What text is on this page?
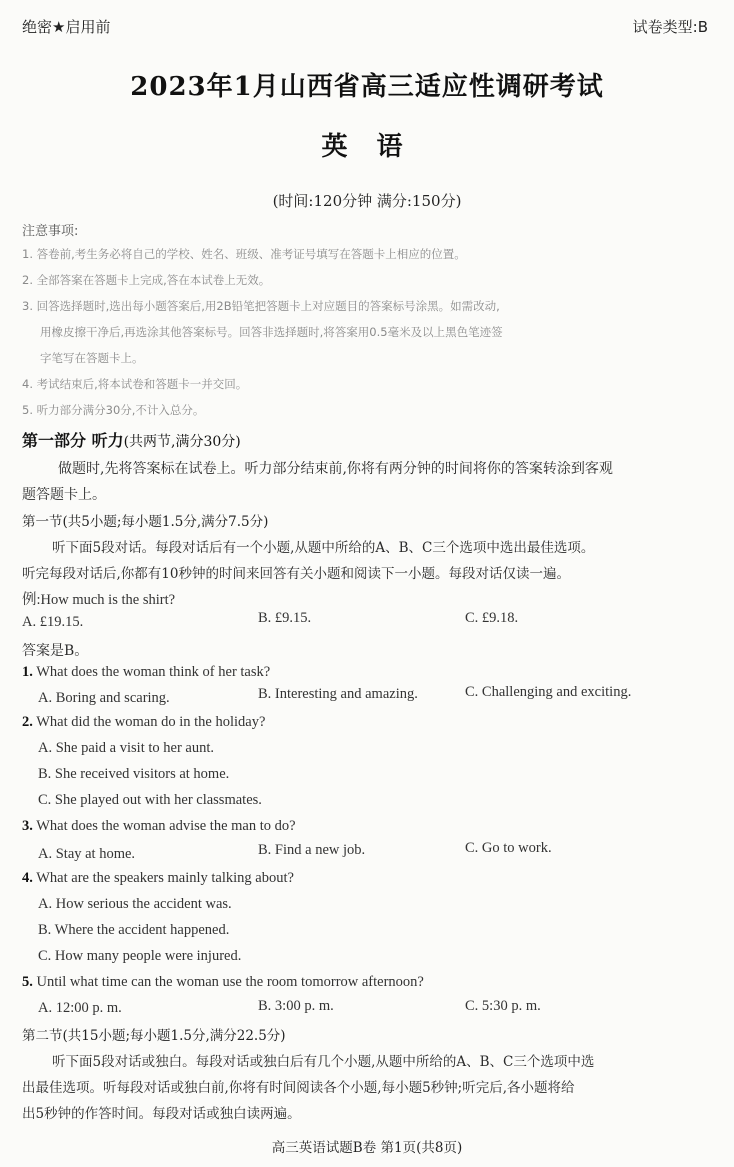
绝密★启用前	试卷类型:B
2023年1月山西省高三适应性调研考试
英 语
(时间:120分钟 满分:150分)
注意事项:
1. 答卷前,考生务必将自己的学校、姓名、班级、准考证号填写在答题卡上相应的位置。
2. 全部答案在答题卡上完成,答在本试卷上无效。
3. 回答选择题时,选出每小题答案后,用2B铅笔把答题卡上对应题目的答案标号涂黑。如需改动,
用橡皮擦干净后,再选涂其他答案标号。回答非选择题时,将答案用0.5毫米及以上黑色笔迹签
字笔写在答题卡上。
4. 考试结束后,将本试卷和答题卡一并交回。
5. 听力部分满分30分,不计入总分。
第一部分 听力(共两节,满分30分)
做题时,先将答案标在试卷上。听力部分结束前,你将有两分钟的时间将你的答案转涂到客观
题答题卡上。
第一节(共5小题;每小题1.5分,满分7.5分)
听下面5段对话。每段对话后有一个小题,从题中所给的A、B、C三个选项中选出最佳选项。
听完每段对话后,你都有10秒钟的时间来回答有关小题和阅读下一小题。每段对话仅读一遍。
例:How much is the shirt?
A. £19.15.	B. £9.15.	C. £9.18.
答案是B。
1. What does the woman think of her task?
A. Boring and scaring.	B. Interesting and amazing.	C. Challenging and exciting.
2. What did the woman do in the holiday?
A. She paid a visit to her aunt.
B. She received visitors at home.
C. She played out with her classmates.
3. What does the woman advise the man to do?
A. Stay at home.	B. Find a new job.	C. Go to work.
4. What are the speakers mainly talking about?
A. How serious the accident was.
B. Where the accident happened.
C. How many people were injured.
5. Until what time can the woman use the room tomorrow afternoon?
A. 12:00 p. m.	B. 3:00 p. m.	C. 5:30 p. m.
第二节(共15小题;每小题1.5分,满分22.5分)
听下面5段对话或独白。每段对话或独白后有几个小题,从题中所给的A、B、C三个选项中选
出最佳选项。听每段对话或独白前,你将有时间阅读各个小题,每小题5秒钟;听完后,各小题将给
出5秒钟的作答时间。每段对话或独白读两遍。
高三英语试题B卷 第1页(共8页)
